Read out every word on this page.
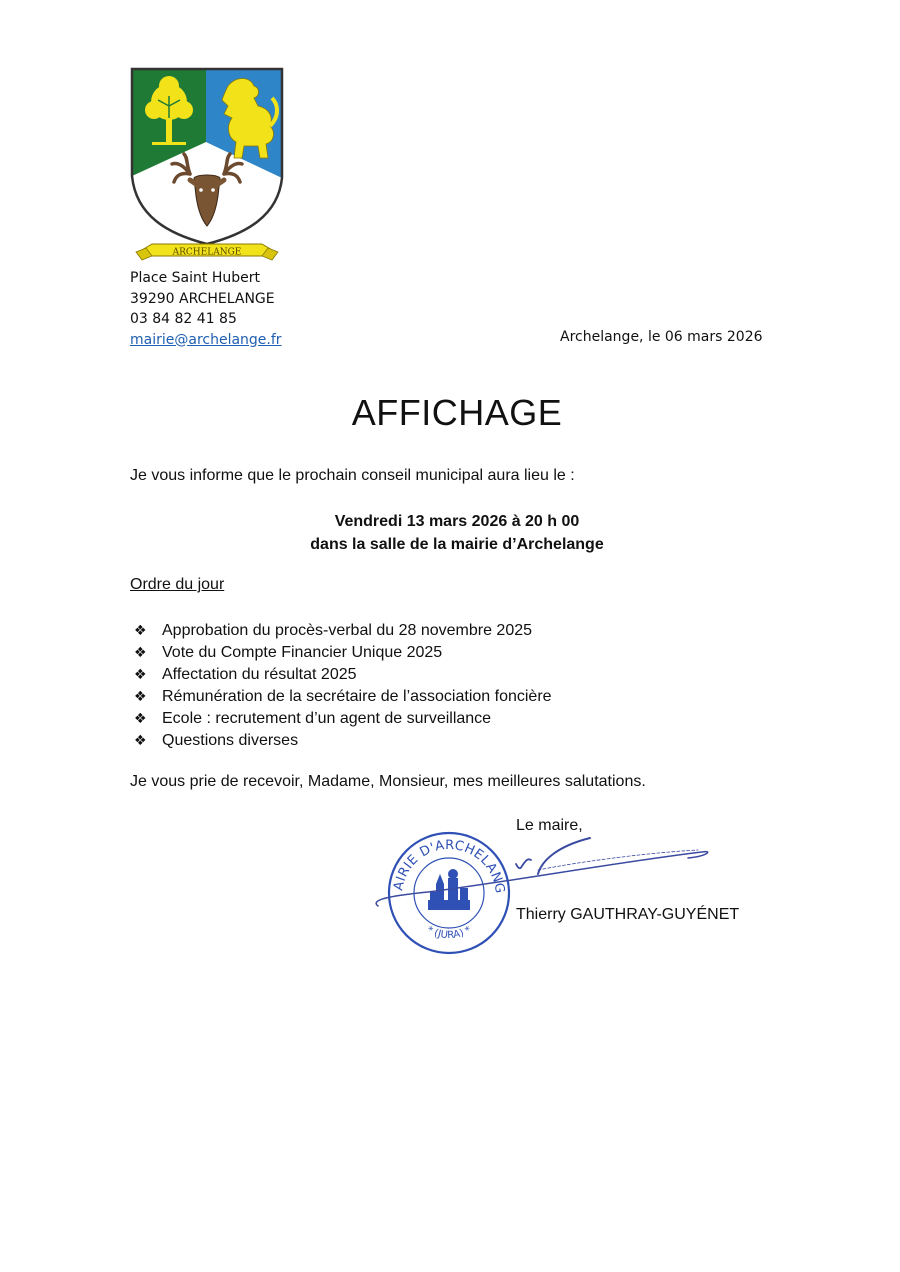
ARCHELANGE
Place Saint Hubert
39290 ARCHELANGE
03 84 82 41 85
mairie@archelange.fr	Archelange, le 06 mars 2026
AFFICHAGE
Je vous informe que le prochain conseil municipal aura lieu le :
Vendredi 13 mars 2026 à 20 h 00
dans la salle de la mairie d’Archelange
Ordre du jour
❖ Approbation du procès-verbal du 28 novembre 2025
❖ Vote du Compte Financier Unique 2025
❖ Affectation du résultat 2025
❖ Rémunération de la secrétaire de l’association foncière
❖ Ecole : recrutement d’un agent de surveillance
❖ Questions diverses
Je vous prie de recevoir, Madame, Monsieur, mes meilleures salutations.
Le maire,
AIRIE D'ARCHELANG
* (JURA) *
Thierry GAUTHRAY-GUYÉNET
